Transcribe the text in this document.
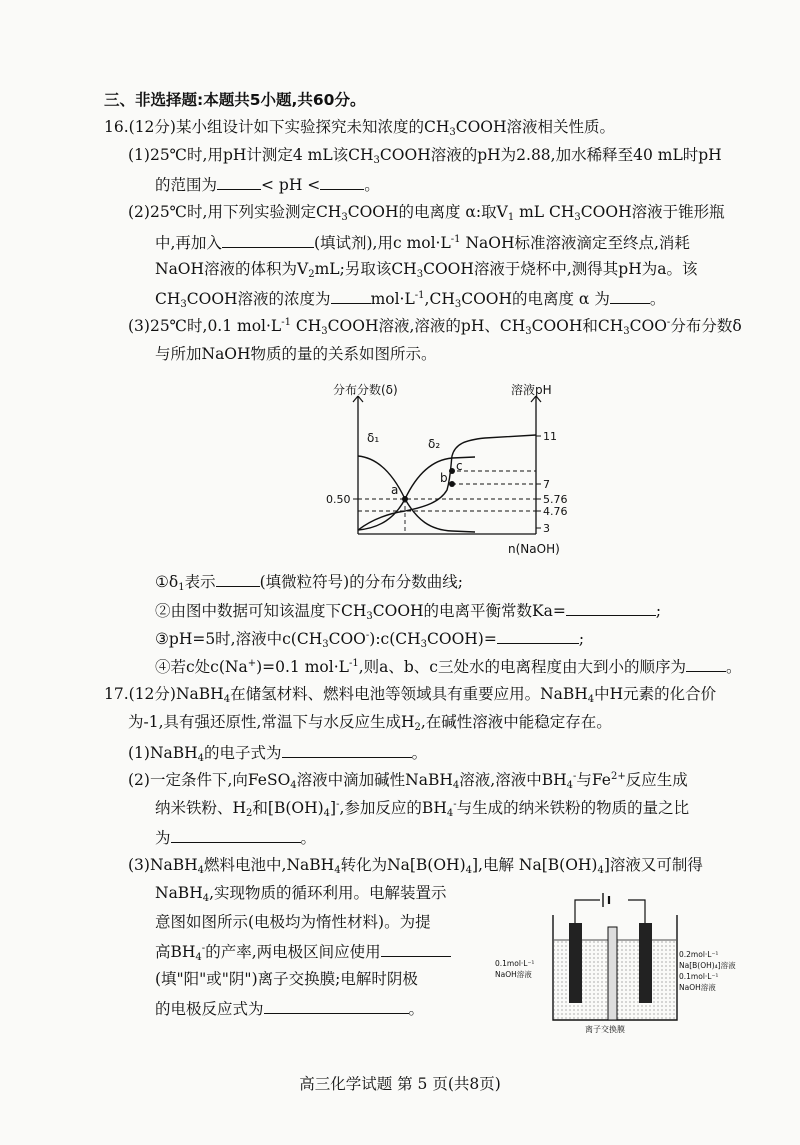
三、非选择题:本题共5小题,共60分。
16.(12分)某小组设计如下实验探究未知浓度的$CH_3COOH$溶液相关性质。
(1)25℃时,用pH计测定4 mL该$CH_3COOH$溶液的pH为2.88,加水稀释至40 mL时pH
的范围为	< pH <	。
(2)25℃时,用下列实验测定$CH_3COOH$的电离度 α:取$V_1$ mL $CH_3COOH$溶液于锥形瓶
中,再加入	(填试剂),用c $mol\cdot L^{-1}$ NaOH标准溶液滴定至终点,消耗
NaOH溶液的体积为$V_2mL$;另取该$CH_3COOH$溶液于烧杯中,测得其pH为a。该
$CH_3COOH$溶液的浓度为	$mol\cdot L^{-1},CH_3COOH$的电离度 α 为	。
(3)25℃时,0.1 $mol\cdot L^{-1}$ $CH_3COOH$溶液,溶液的pH、$CH_3COOH$和$CH_3COO^-$分布分数δ
与所加NaOH物质的量的关系如图所示。
分布分数(δ)	溶液pH
n(NaOH)
11
7
5.76
4.76
3
0.50
δ₁	δ₂
a
b
c
$①\delta_1$表示	(填微粒符号)的分布分数曲线;
②由图中数据可知该温度下$CH_3COOH$的电离平衡常数Ka=	;
③pH=5时,溶液中$c(CH_3COO^-):c(CH_3COOH)=$	;
④若c处c(Na+)=0.1 $mol\cdot L^{-1}$,则a、b、c三处水的电离程度由大到小的顺序为	。
17.(12分)NaBH$_4$在储氢材料、燃料电池等领域具有重要应用。NaBH$_4$中H元素的化合价
为-1,具有强还原性,常温下与水反应生成$H_2$,在碱性溶液中能稳定存在。
(1)NaBH$_4$的电子式为	。
(2)一定条件下,向FeSO$_4$溶液中滴加碱性NaBH$_4$溶液,溶液中$BH_4^-$与$Fe^{2+}$反应生成
纳米铁粉、$H_2$和$[B(OH)_4]^-$,参加反应的$BH_4^-$与生成的纳米铁粉的物质的量之比
为	。
(3)NaBH$_4$燃料电池中,NaBH$_4$转化为$Na[B(OH)_4]$,电解 $Na[B(OH)_4]$溶液又可制得
NaBH$_4$,实现物质的循环利用。电解装置示
意图如图所示(电极均为惰性材料)。为提
高$BH_4^-$的产率,两电极区间应使用
(填"阳"或"阴")离子交换膜;电解时阴极
的电极反应式为	。
0.1mol·L⁻¹
NaOH溶液
0.2mol·L⁻¹
Na[B(OH)₄]溶液
0.1mol·L⁻¹
NaOH溶液
离子交换膜
高三化学试题 第 5 页(共8页)
